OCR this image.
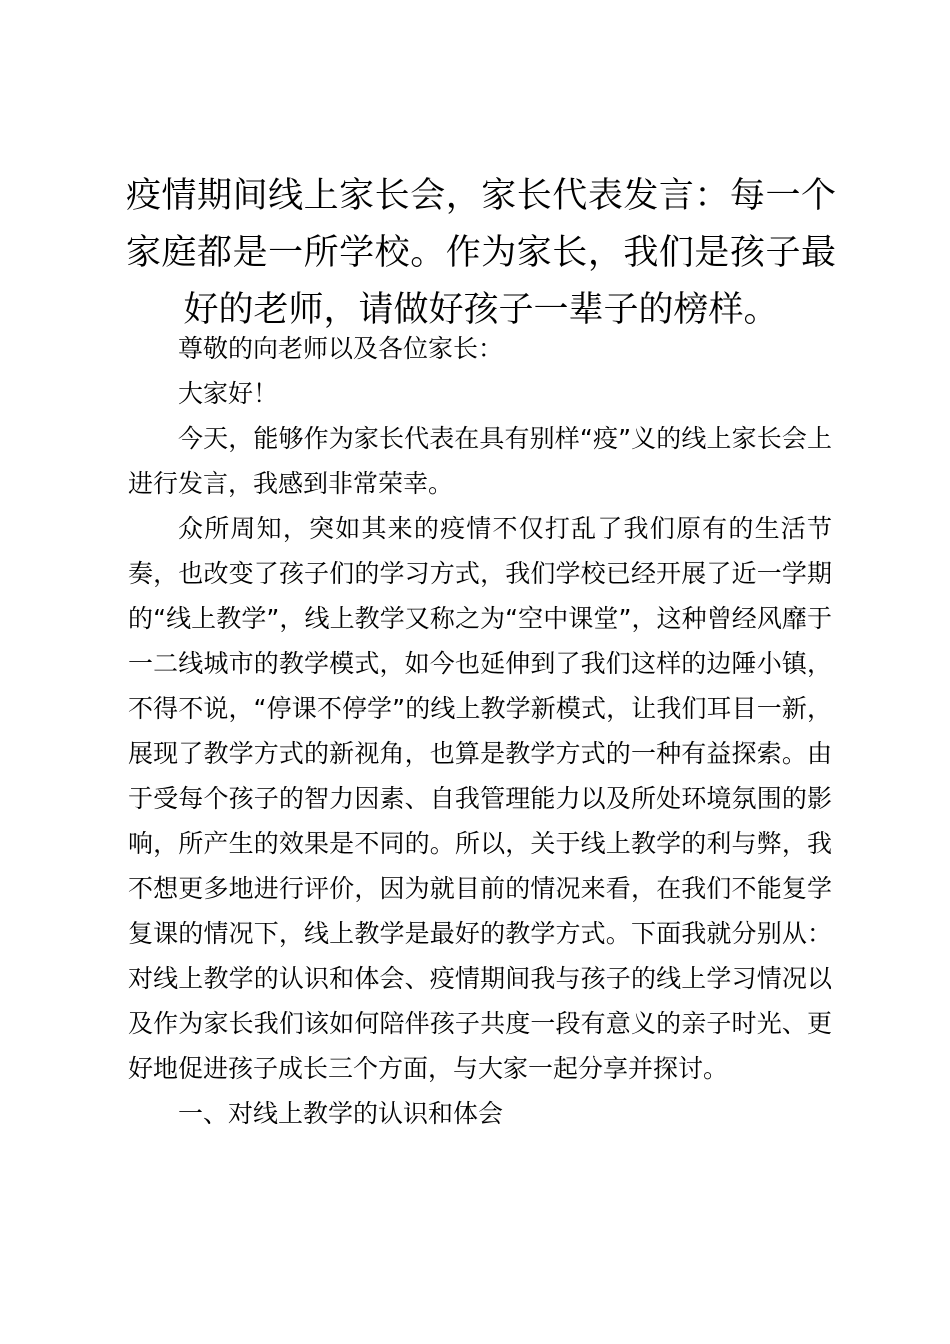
疫情期间线上家长会，家长代表发言：每一个
家庭都是一所学校。作为家长，我们是孩子最
好的老师，请做好孩子一辈子的榜样。

尊敬的向老师以及各位家长：

大家好！

今天，能够作为家长代表在具有别样“疫”义的线上家长会上进行发言，我感到非常荣幸。

众所周知，突如其来的疫情不仅打乱了我们原有的生活节奏，也改变了孩子们的学习方式，我们学校已经开展了近一学期的“线上教学”，线上教学又称之为“空中课堂”，这种曾经风靡于一二线城市的教学模式，如今也延伸到了我们这样的边陲小镇，不得不说，“停课不停学”的线上教学新模式，让我们耳目一新，展现了教学方式的新视角，也算是教学方式的一种有益探索。由于受每个孩子的智力因素、自我管理能力以及所处环境氛围的影响，所产生的效果是不同的。所以，关于线上教学的利与弊，我不想更多地进行评价，因为就目前的情况来看，在我们不能复学复课的情况下，线上教学是最好的教学方式。下面我就分别从：对线上教学的认识和体会、疫情期间我与孩子的线上学习情况以及作为家长我们该如何陪伴孩子共度一段有意义的亲子时光、更好地促进孩子成长三个方面，与大家一起分享并探讨。

一、对线上教学的认识和体会
